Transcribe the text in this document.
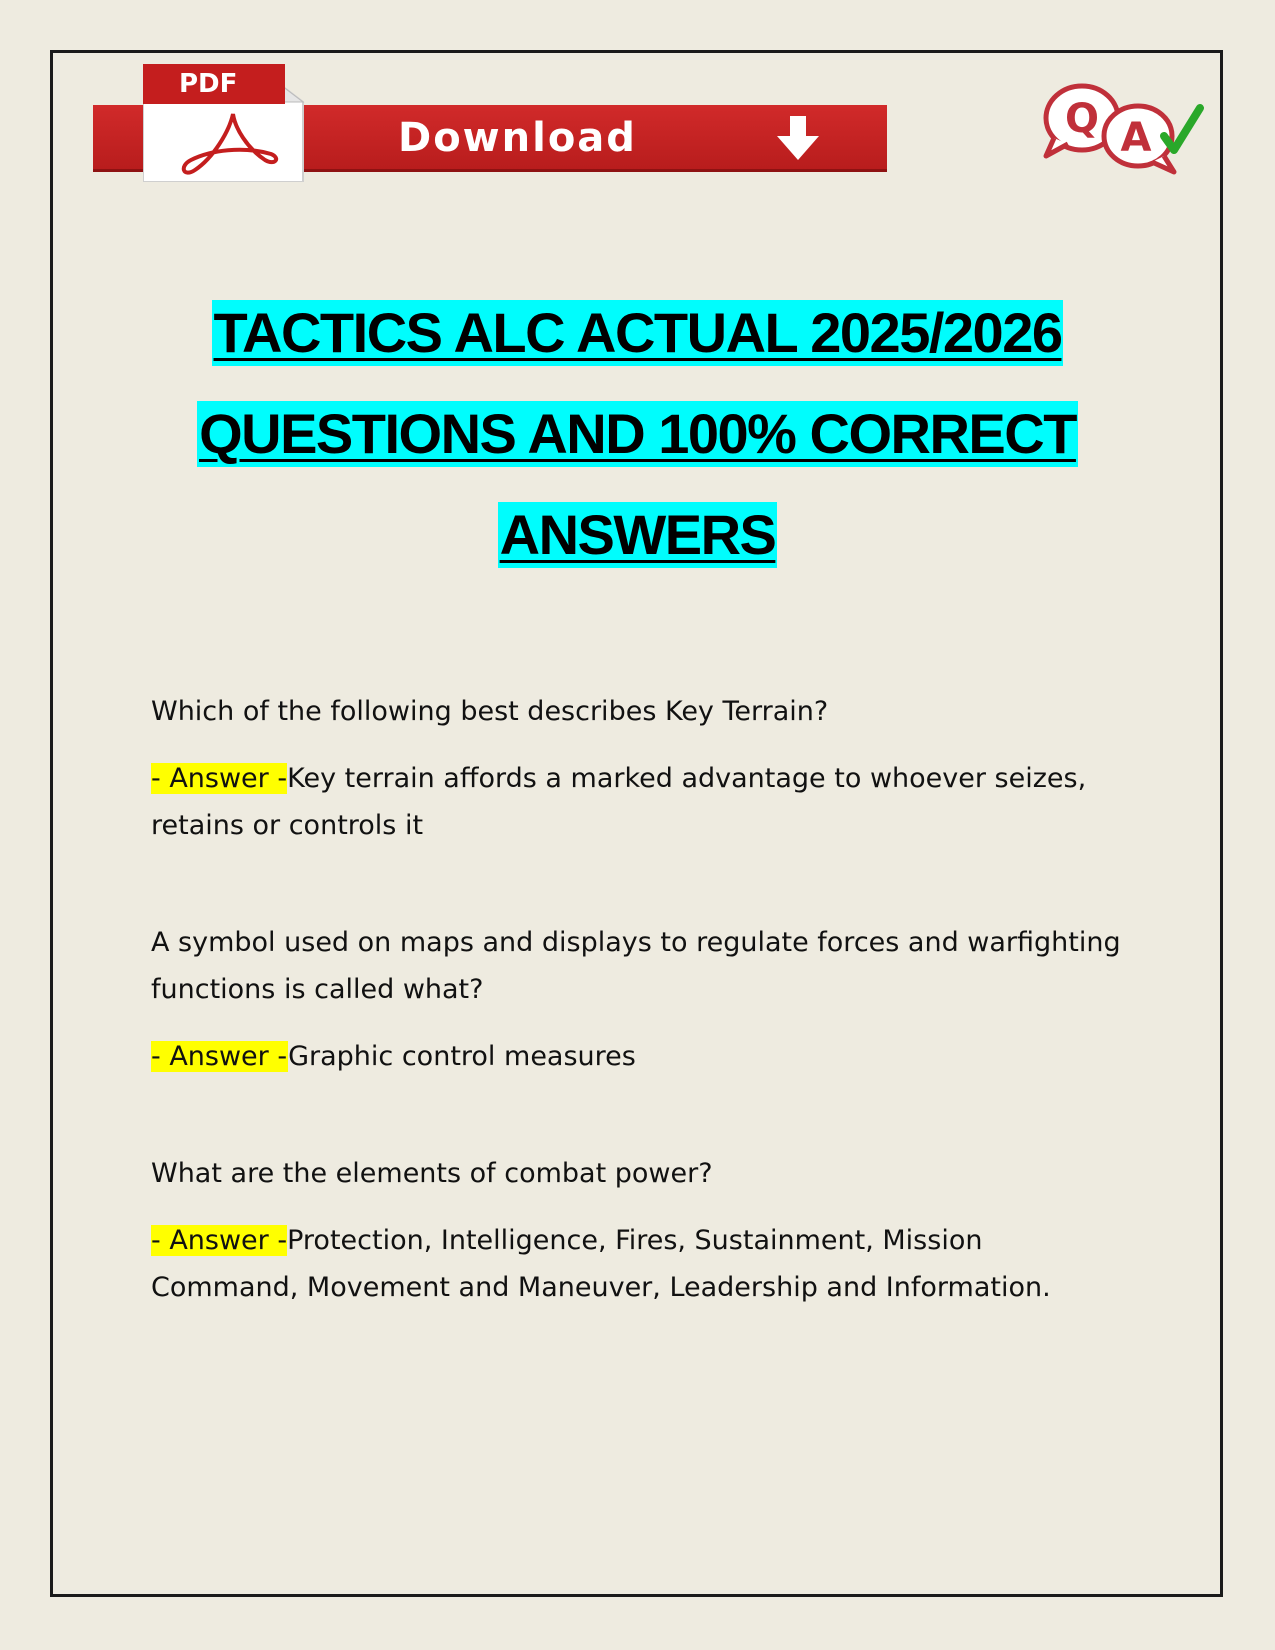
PDF
Download	Q A
TACTICS ALC ACTUAL 2025/2026
QUESTIONS AND 100% CORRECT
ANSWERS

Which of the following best describes Key Terrain?

- Answer -Key terrain affords a marked advantage to whoever seizes, retains or controls it

A symbol used on maps and displays to regulate forces and warfighting functions is called what?

- Answer -Graphic control measures

What are the elements of combat power?

- Answer -Protection, Intelligence, Fires, Sustainment, Mission Command, Movement and Maneuver, Leadership and Information.
